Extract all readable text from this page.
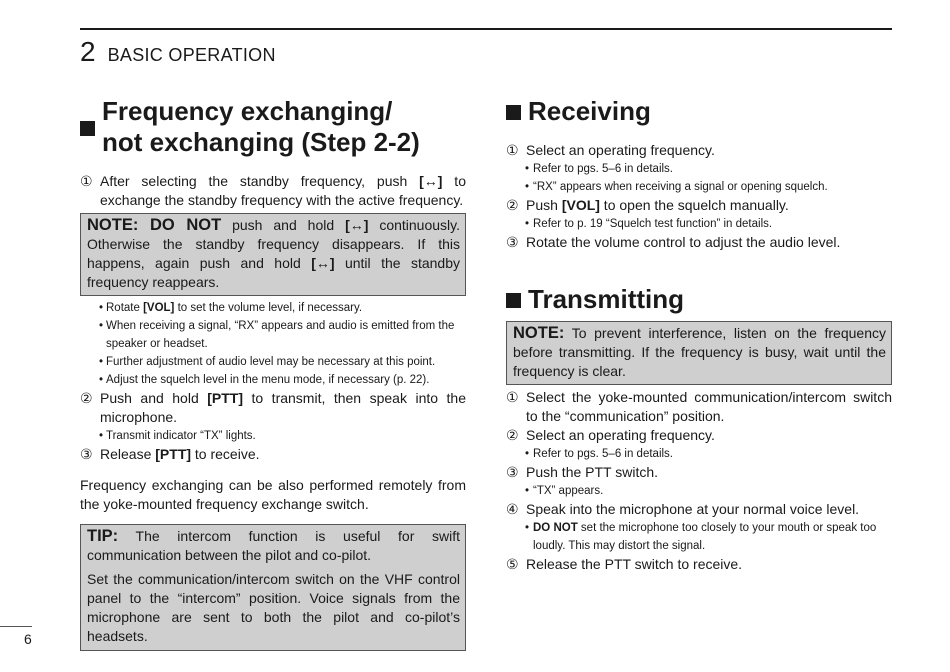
2 BASIC OPERATION
Frequency exchanging/
not exchanging (Step 2-2)

① After selecting the standby frequency, push [↔] to exchange the standby frequency with the active frequency.

NOTE: DO NOT push and hold [↔] continuously. Otherwise the standby frequency disappears. If this happens, again push and hold [↔] until the standby frequency reappears.

• Rotate [VOL] to set the volume level, if necessary.

• When receiving a signal, “RX” appears and audio is emitted from the speaker or headset.

• Further adjustment of audio level may be necessary at this point.

• Adjust the squelch level in the menu mode, if necessary (p. 22).

② Push and hold [PTT] to transmit, then speak into the microphone.

• Transmit indicator “TX” lights.

③ Release [PTT] to receive.

Frequency exchanging can be also performed remotely from the yoke-mounted frequency exchange switch.

TIP: The intercom function is useful for swift communication between the pilot and co-pilot.

Set the communication/intercom switch on the VHF control panel to the “intercom” position. Voice signals from the microphone are sent to both the pilot and co-pilot’s headsets.

Receiving

① Select an operating frequency.

• Refer to pgs. 5–6 in details.

• “RX” appears when receiving a signal or opening squelch.

② Push [VOL] to open the squelch manually.

• Refer to p. 19 “Squelch test function” in details.

③ Rotate the volume control to adjust the audio level.

Transmitting

NOTE: To prevent interference, listen on the frequency before transmitting. If the frequency is busy, wait until the frequency is clear.

① Select the yoke-mounted communication/intercom switch to the “communication” position.

② Select an operating frequency.

• Refer to pgs. 5–6 in details.

③ Push the PTT switch.

• “TX” appears.

④ Speak into the microphone at your normal voice level.

• DO NOT set the microphone too closely to your mouth or speak too loudly. This may distort the signal.

⑤ Release the PTT switch to receive.

6
